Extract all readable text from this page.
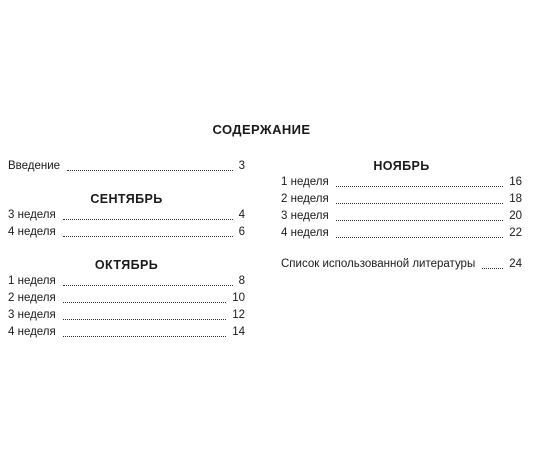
СОДЕРЖАНИЕ
Введение	3
СЕНТЯБРЬ
3 неделя	4
4 неделя	6
ОКТЯБРЬ
1 неделя	8
2 неделя	10
3 неделя	12
4 неделя	14
НОЯБРЬ
1 неделя	16
2 неделя	18
3 неделя	20
4 неделя	22
Список использованной литературы	24
